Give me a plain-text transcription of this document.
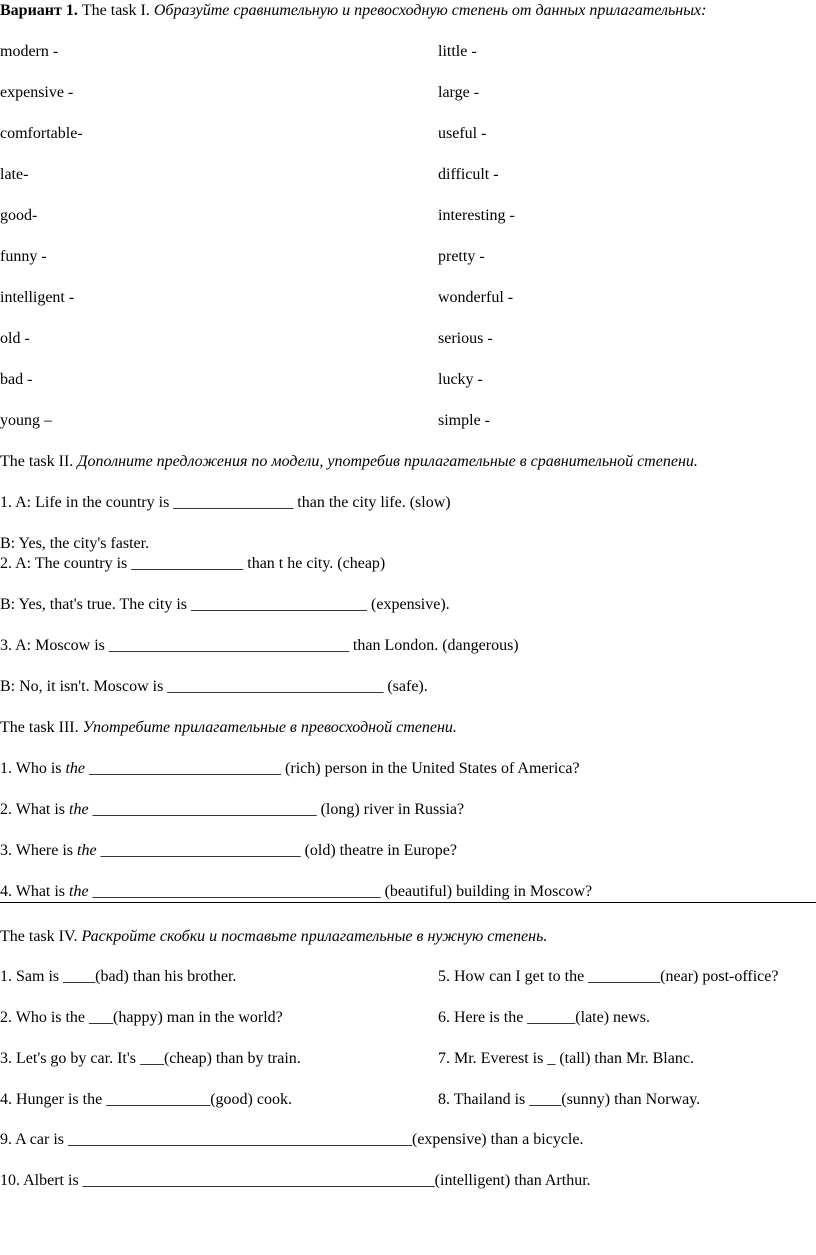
Вариант 1. The task I. Образуйте сравнительную и превосходную степень от данных прилагательных:
modern -
expensive -
comfortable-
late-
good-
funny -
intelligent -
old -
bad -
young –
little -
large -
useful -
difficult -
interesting -
pretty -
wonderful -
serious -
lucky -
simple -
The task II. Дополните предложения по модели, употребив прилагательные в сравнительной степени.
1. A: Life in the country is _______________ than the city life. (slow)
B: Yes, the city's faster.
2. A: The country is ______________ than t he city. (cheap)
B: Yes, that's true. The city is ______________________ (expensive).
3. A: Moscow is ______________________________ than London. (dangerous)
B: No, it isn't. Moscow is ___________________________ (safe).
The task III. Употребите прилагательные в превосходной степени.
1. Who is the ________________________ (rich) person in the United States of America?
2. What is the ____________________________ (long) river in Russia?
3. Where is the _________________________ (old) theatre in Europe?
4. What is the ____________________________________ (beautiful) building in Moscow?
The task IV. Раскройте скобки и поставьте прилагательные в нужную степень.
1. Sam is ____(bad) than his brother.
2. Who is the ___(happy) man in the world?
3. Let's go by car. It's ___(cheap) than by train.
4. Hunger is the _____________(good) cook.
5. How can I get to the _________(near) post-office?
6. Here is the ______(late) news.
7. Mr. Everest is _ (tall) than Mr. Blanc.
8. Thailand is ____(sunny) than Norway.
9. A car is ___________________________________________(expensive) than a bicycle.
10. Albert is ____________________________________________(intelligent) than Arthur.
